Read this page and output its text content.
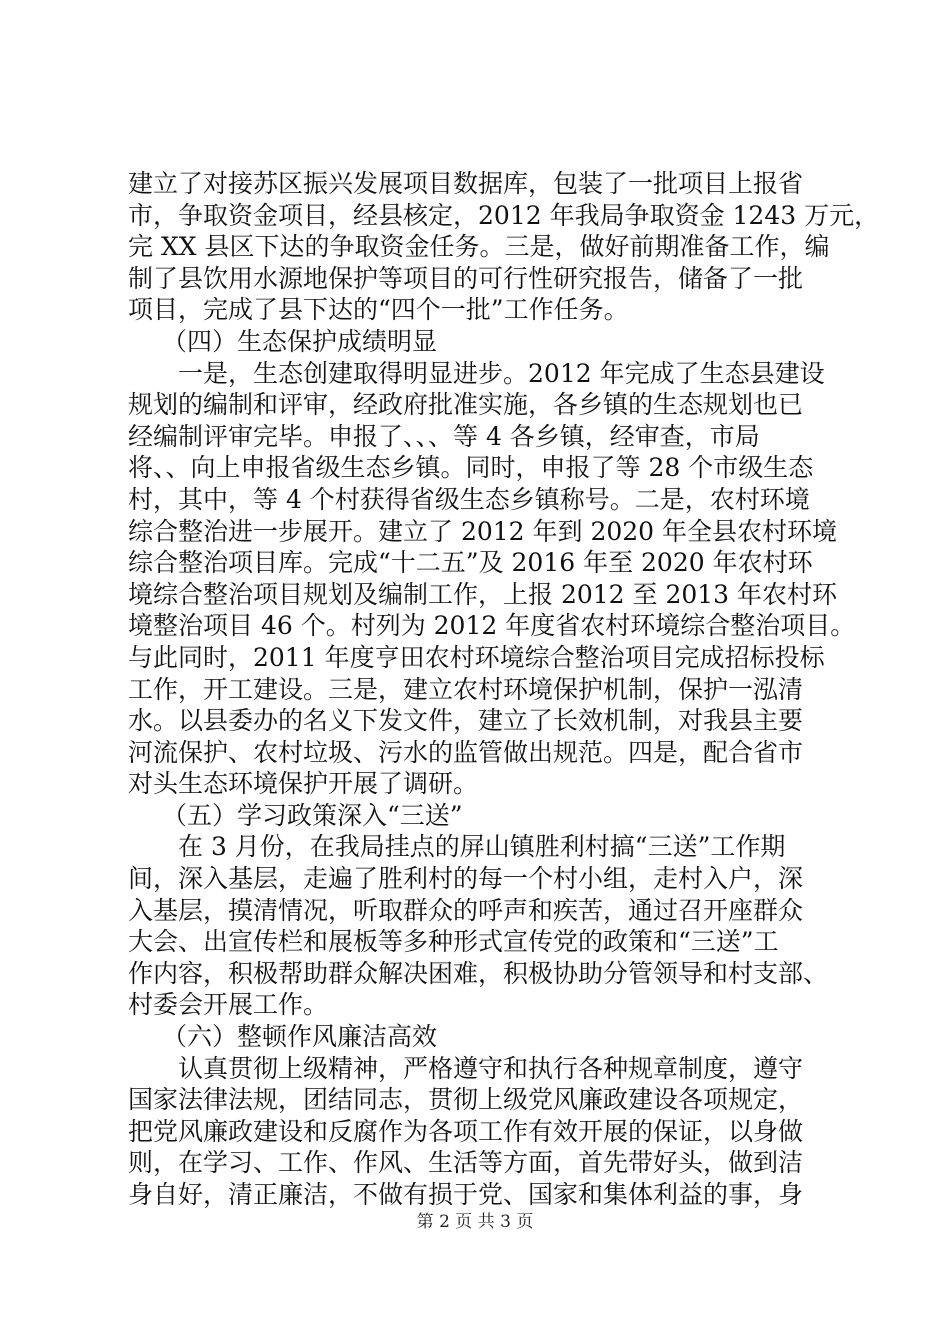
建立了对接苏区振兴发展项目数据库，包装了一批项目上报省
市，争取资金项目，经县核定，2012 年我局争取资金 1243 万元，
完 XX 县区下达的争取资金任务。三是，做好前期准备工作，编
制了县饮用水源地保护等项目的可行性研究报告，储备了一批
项目，完成了县下达的“四个一批”工作任务。
（四）生态保护成绩明显
一是，生态创建取得明显进步。2012 年完成了生态县建设
规划的编制和评审，经政府批准实施，各乡镇的生态规划也已
经编制评审完毕。申报了、、、等 4 各乡镇，经审查，市局
将、、向上申报省级生态乡镇。同时，申报了等 28 个市级生态
村，其中，等 4 个村获得省级生态乡镇称号。二是，农村环境
综合整治进一步展开。建立了 2012 年到 2020 年全县农村环境
综合整治项目库。完成“十二五”及 2016 年至 2020 年农村环
境综合整治项目规划及编制工作，上报 2012 至 2013 年农村环
境整治项目 46 个。村列为 2012 年度省农村环境综合整治项目。
与此同时，2011 年度亨田农村环境综合整治项目完成招标投标
工作，开工建设。三是，建立农村环境保护机制，保护一泓清
水。以县委办的名义下发文件，建立了长效机制，对我县主要
河流保护、农村垃圾、污水的监管做出规范。四是，配合省市
对头生态环境保护开展了调研。
（五）学习政策深入“三送”
在 3 月份，在我局挂点的屏山镇胜利村搞“三送”工作期
间，深入基层，走遍了胜利村的每一个村小组，走村入户，深
入基层，摸清情况，听取群众的呼声和疾苦，通过召开座群众
大会、出宣传栏和展板等多种形式宣传党的政策和“三送”工
作内容，积极帮助群众解决困难，积极协助分管领导和村支部、
村委会开展工作。
（六）整顿作风廉洁高效
认真贯彻上级精神，严格遵守和执行各种规章制度，遵守
国家法律法规，团结同志，贯彻上级党风廉政建设各项规定，
把党风廉政建设和反腐作为各项工作有效开展的保证，以身做
则，在学习、工作、作风、生活等方面，首先带好头，做到洁
身自好，清正廉洁，不做有损于党、国家和集体利益的事，身
第 2 页 共 3 页
